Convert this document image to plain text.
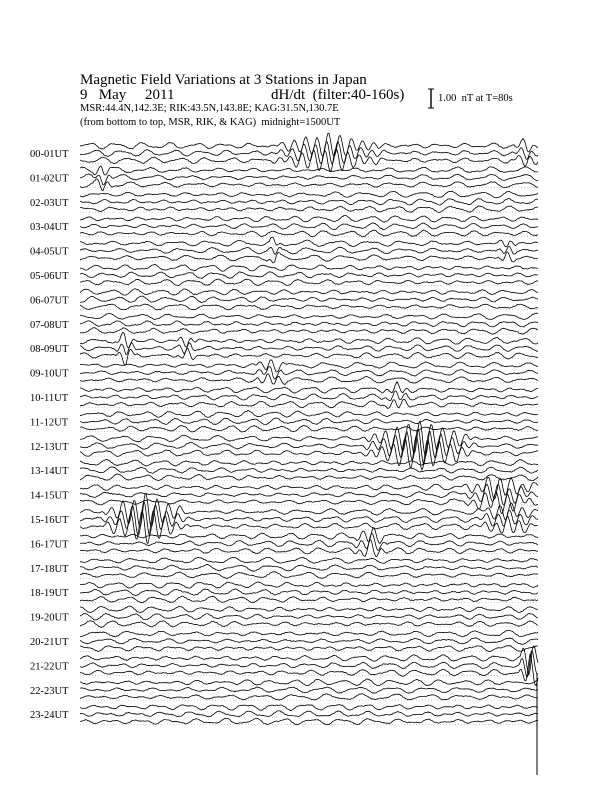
Magnetic Field Variations at 3 Stations in Japan
9   May     2011	dH/dt  (filter:40-160s)
MSR:44.4N,142.3E; RIK:43.5N,143.8E; KAG:31.5N,130.7E
(from bottom to top, MSR, RIK, & KAG)  midnight=1500UT
1.00  nT at T=80s
00-01UT
01-02UT
02-03UT
03-04UT
04-05UT
05-06UT
06-07UT
07-08UT
08-09UT
09-10UT
10-11UT
11-12UT
12-13UT
13-14UT
14-15UT
15-16UT
16-17UT
17-18UT
18-19UT
19-20UT
20-21UT
21-22UT
22-23UT
23-24UT
